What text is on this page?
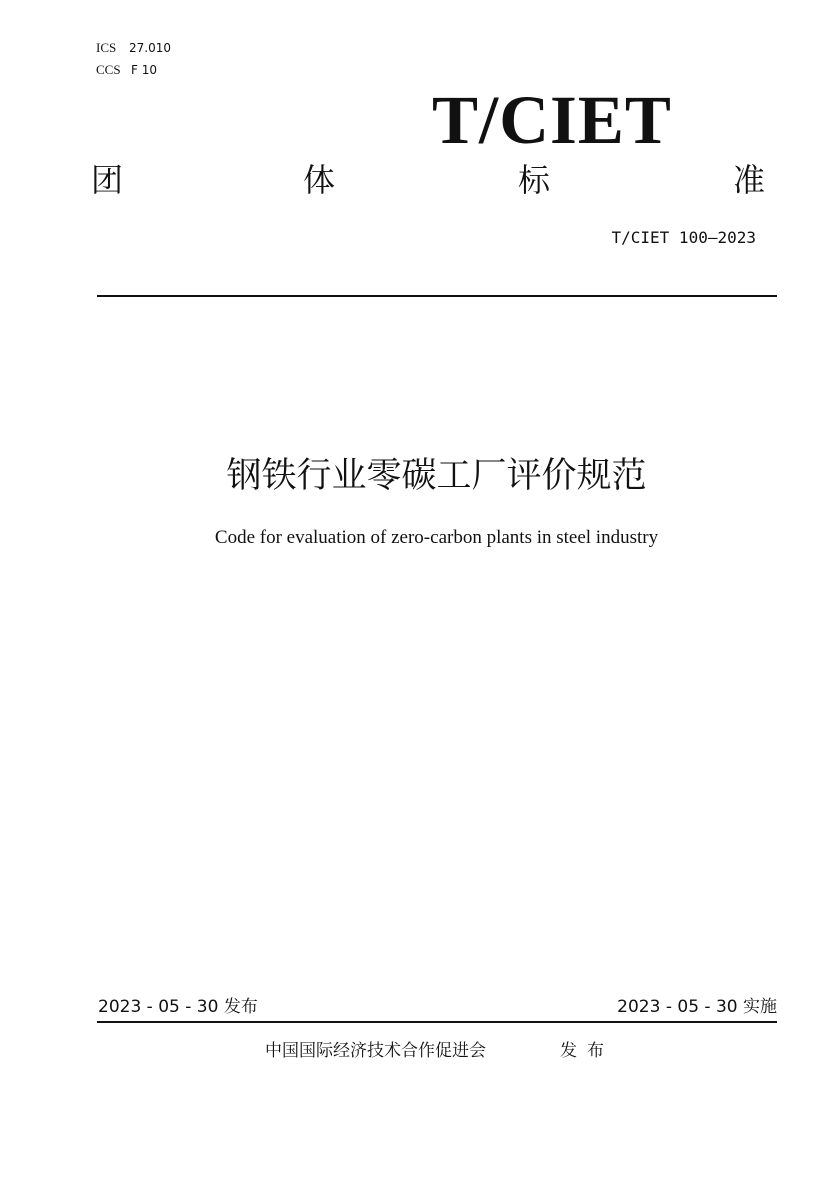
ICS 27.010
CCS F 10
T/CIET
团	体	标	准
T/CIET 100—2023
钢铁行业零碳工厂评价规范
Code for evaluation of zero-carbon plants in steel industry
2023 - 05 - 30 发布	2023 - 05 - 30 实施
中国国际经济技术合作促进会	发布
